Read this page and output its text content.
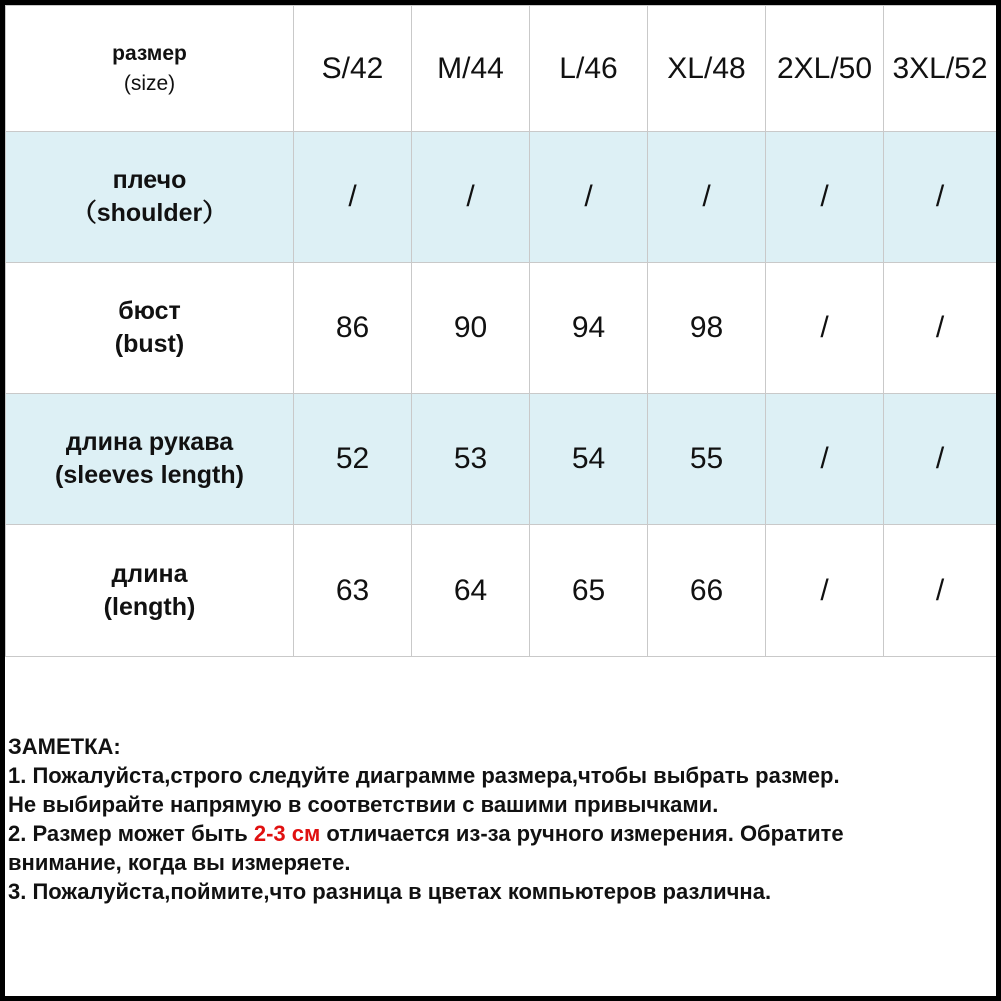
размер
(size)	S/42	M/44	L/46	XL/48	2XL/50	3XL/52

плечо
（shoulder）	/	/	/	/	/	/

бюст
(bust)	86	90	94	98	/	/

длина рукава
(sleeves length)	52	53	54	55	/	/

длина
(length)	63	64	65	66	/	/
ЗАМЕТКА:
1. Пожалуйста,строго следуйте диаграмме размера,чтобы выбрать размер.
Не выбирайте напрямую в соответствии с вашими привычками.
2. Размер может быть 2-3 см отличается из-за ручного измерения. Обратите
внимание, когда вы измеряете.
3. Пожалуйста,поймите,что разница в цветах компьютеров различна.
